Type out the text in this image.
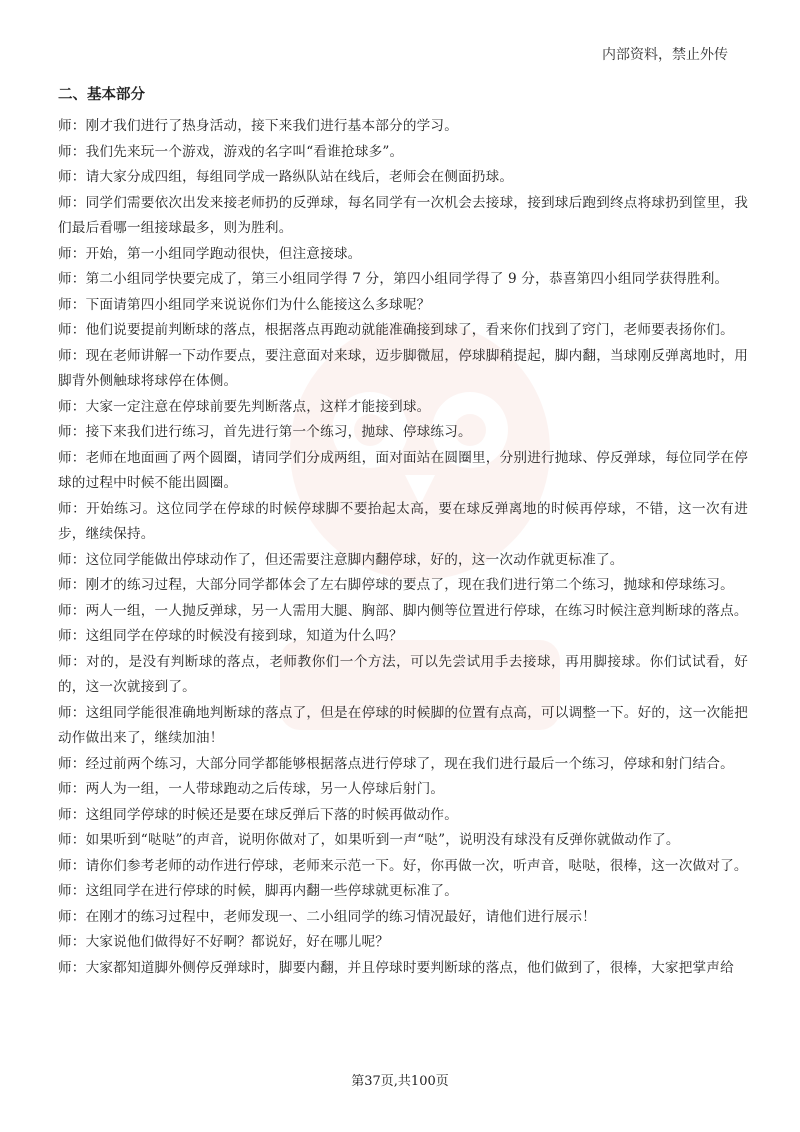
内部资料，禁止外传
二、基本部分

师：刚才我们进行了热身活动，接下来我们进行基本部分的学习。

师：我们先来玩一个游戏，游戏的名字叫“看谁抢球多”。

师：请大家分成四组，每组同学成一路纵队站在线后，老师会在侧面扔球。

师：同学们需要依次出发来接老师扔的反弹球，每名同学有一次机会去接球，接到球后跑到终点将球扔到筐里，我们最后看哪一组接球最多，则为胜利。

师：开始，第一小组同学跑动很快，但注意接球。

师：第二小组同学快要完成了，第三小组同学得 7 分，第四小组同学得了 9 分，恭喜第四小组同学获得胜利。

师：下面请第四小组同学来说说你们为什么能接这么多球呢？

师：他们说要提前判断球的落点，根据落点再跑动就能准确接到球了，看来你们找到了窍门，老师要表扬你们。

师：现在老师讲解一下动作要点，要注意面对来球，迈步脚微屈，停球脚稍提起，脚内翻，当球刚反弹离地时，用脚背外侧触球将球停在体侧。

师：大家一定注意在停球前要先判断落点，这样才能接到球。

师：接下来我们进行练习，首先进行第一个练习，抛球、停球练习。

师：老师在地面画了两个圆圈，请同学们分成两组，面对面站在圆圈里，分别进行抛球、停反弹球，每位同学在停球的过程中时候不能出圆圈。

师：开始练习。这位同学在停球的时候停球脚不要抬起太高，要在球反弹离地的时候再停球，不错，这一次有进步，继续保持。

师：这位同学能做出停球动作了，但还需要注意脚内翻停球，好的，这一次动作就更标准了。

师：刚才的练习过程，大部分同学都体会了左右脚停球的要点了，现在我们进行第二个练习，抛球和停球练习。

师：两人一组，一人抛反弹球，另一人需用大腿、胸部、脚内侧等位置进行停球，在练习时候注意判断球的落点。

师：这组同学在停球的时候没有接到球，知道为什么吗？

师：对的，是没有判断球的落点，老师教你们一个方法，可以先尝试用手去接球，再用脚接球。你们试试看，好的，这一次就接到了。

师：这组同学能很准确地判断球的落点了，但是在停球的时候脚的位置有点高，可以调整一下。好的，这一次能把动作做出来了，继续加油！

师：经过前两个练习，大部分同学都能够根据落点进行停球了，现在我们进行最后一个练习，停球和射门结合。

师：两人为一组，一人带球跑动之后传球，另一人停球后射门。

师：这组同学停球的时候还是要在球反弹后下落的时候再做动作。

师：如果听到“哒哒”的声音，说明你做对了，如果听到一声“哒”，说明没有球没有反弹你就做动作了。

师：请你们参考老师的动作进行停球，老师来示范一下。好，你再做一次，听声音，哒哒，很棒，这一次做对了。

师：这组同学在进行停球的时候，脚再内翻一些停球就更标准了。

师：在刚才的练习过程中，老师发现一、二小组同学的练习情况最好，请他们进行展示！

师：大家说他们做得好不好啊？都说好，好在哪儿呢？

师：大家都知道脚外侧停反弹球时，脚要内翻，并且停球时要判断球的落点，他们做到了，很棒，大家把掌声给

第37页,共100页
